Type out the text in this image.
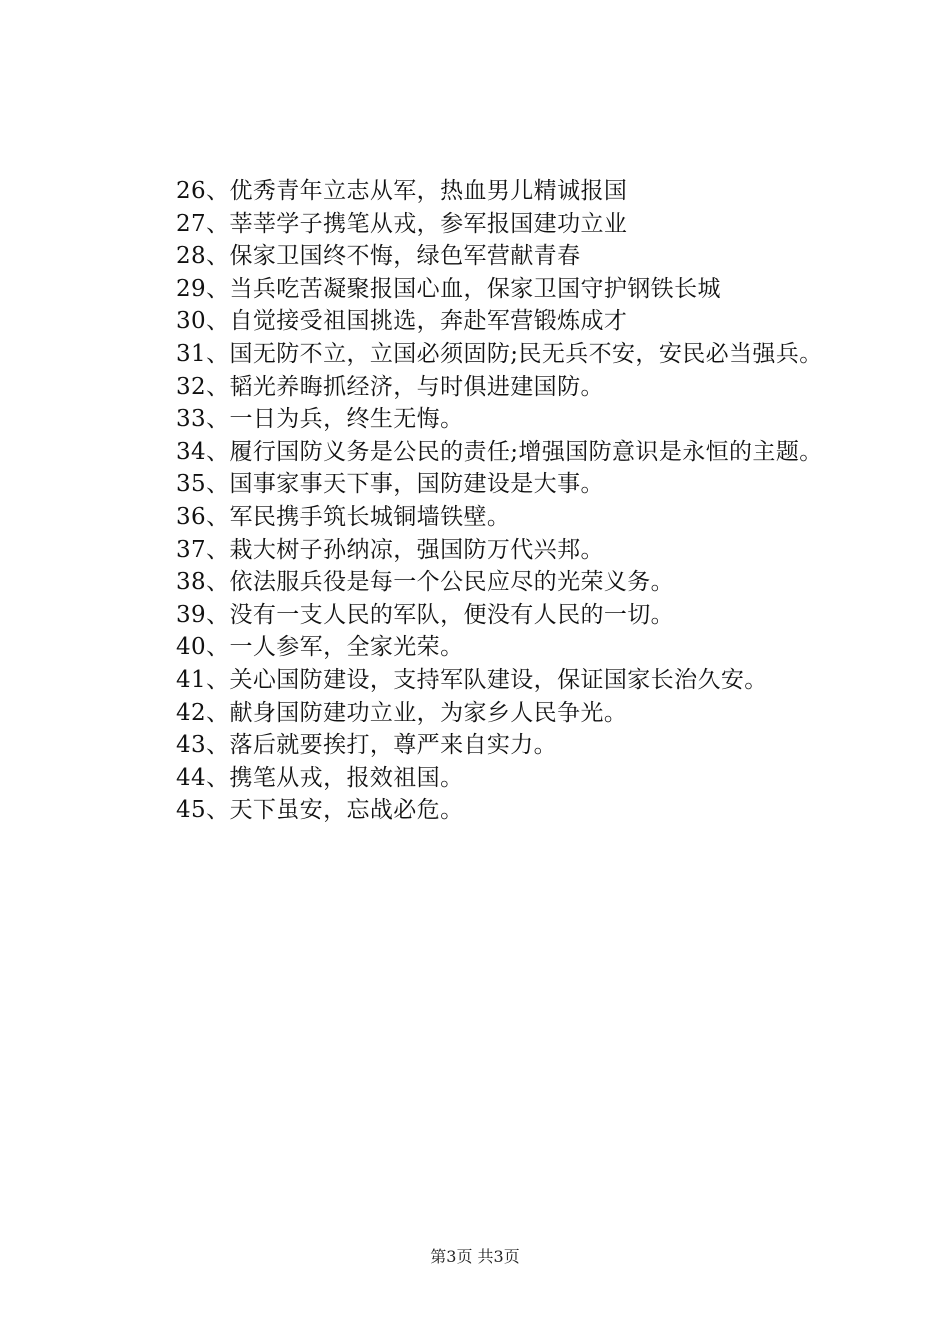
26、优秀青年立志从军，热血男儿精诚报国
27、莘莘学子携笔从戎，参军报国建功立业
28、保家卫国终不悔，绿色军营献青春
29、当兵吃苦凝聚报国心血，保家卫国守护钢铁长城
30、自觉接受祖国挑选，奔赴军营锻炼成才
31、国无防不立，立国必须固防;民无兵不安，安民必当强兵。
32、韬光养晦抓经济，与时俱进建国防。
33、一日为兵，终生无悔。
34、履行国防义务是公民的责任;增强国防意识是永恒的主题。
35、国事家事天下事，国防建设是大事。
36、军民携手筑长城铜墙铁壁。
37、栽大树子孙纳凉，强国防万代兴邦。
38、依法服兵役是每一个公民应尽的光荣义务。
39、没有一支人民的军队，便没有人民的一切。
40、一人参军，全家光荣。
41、关心国防建设，支持军队建设，保证国家长治久安。
42、献身国防建功立业，为家乡人民争光。
43、落后就要挨打，尊严来自实力。
44、携笔从戎，报效祖国。
45、天下虽安，忘战必危。
第3页 共3页
